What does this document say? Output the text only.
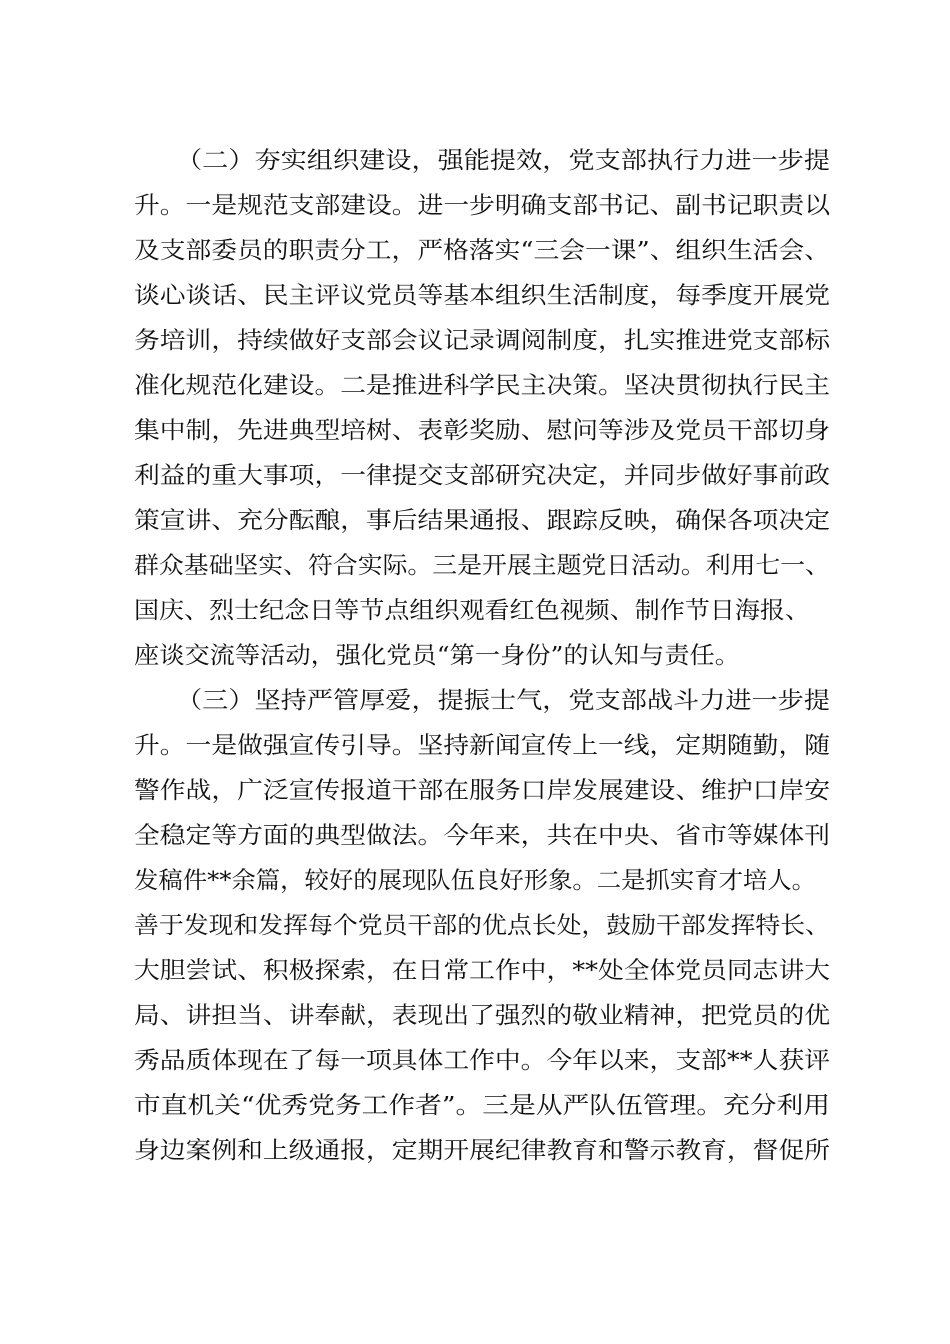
（二）夯实组织建设，强能提效，党支部执行力进一步提
升。一是规范支部建设。进一步明确支部书记、副书记职责以
及支部委员的职责分工，严格落实“三会一课”、组织生活会、
谈心谈话、民主评议党员等基本组织生活制度，每季度开展党
务培训，持续做好支部会议记录调阅制度，扎实推进党支部标
准化规范化建设。二是推进科学民主决策。坚决贯彻执行民主
集中制，先进典型培树、表彰奖励、慰问等涉及党员干部切身
利益的重大事项，一律提交支部研究决定，并同步做好事前政
策宣讲、充分酝酿，事后结果通报、跟踪反映，确保各项决定
群众基础坚实、符合实际。三是开展主题党日活动。利用七一、
国庆、烈士纪念日等节点组织观看红色视频、制作节日海报、
座谈交流等活动，强化党员“第一身份”的认知与责任。
（三）坚持严管厚爱，提振士气，党支部战斗力进一步提
升。一是做强宣传引导。坚持新闻宣传上一线，定期随勤，随
警作战，广泛宣传报道干部在服务口岸发展建设、维护口岸安
全稳定等方面的典型做法。今年来，共在中央、省市等媒体刊
发稿件**余篇，较好的展现队伍良好形象。二是抓实育才培人。
善于发现和发挥每个党员干部的优点长处，鼓励干部发挥特长、
大胆尝试、积极探索，在日常工作中，**处全体党员同志讲大
局、讲担当、讲奉献，表现出了强烈的敬业精神，把党员的优
秀品质体现在了每一项具体工作中。今年以来，支部**人获评
市直机关“优秀党务工作者”。三是从严队伍管理。充分利用
身边案例和上级通报，定期开展纪律教育和警示教育，督促所
